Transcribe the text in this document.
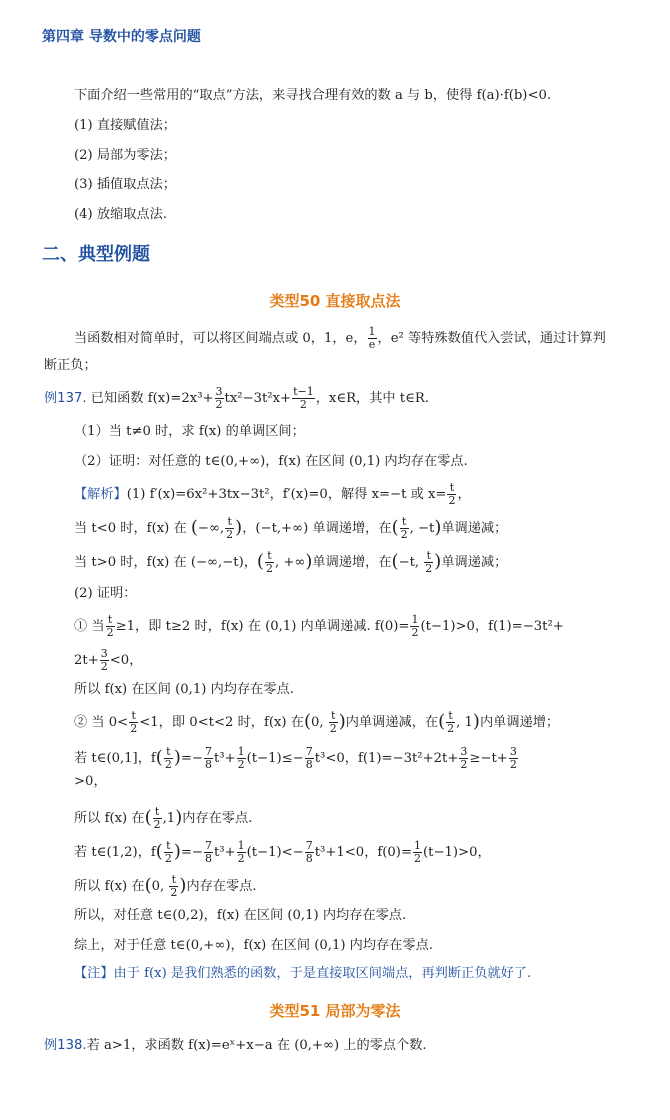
第四章 导数中的零点问题
下面介绍一些常用的“取点”方法，来寻找合理有效的数 a 与 b，使得 f(a)·f(b)<0.
(1) 直接赋值法；
(2) 局部为零法；
(3) 插值取点法；
(4) 放缩取点法.
二、典型例题
类型50 直接取点法
当函数相对简单时，可以将区间端点或 0，1，e， $\frac{1}{e}$ ，e² 等特殊数值代入尝试，通过计算判
断正负；
例137. 已知函数 $f(x)=2x^3+ \frac{3}{2} tx^2-3t^2x+ \frac{t-1}{2}$ ，x∈R，其中 t∈R.
（1）当 t≠0 时，求 f(x) 的单调区间；
（2）证明：对任意的 t∈(0,+∞)，f(x) 在区间 (0,1) 内均存在零点.
【解析】(1) f′(x)=6x²+3tx−3t²，f′(x)=0，解得 x=−t 或 $x= \frac{t}{2}$ ，
当 t<0 时，f(x) 在 (−∞, $\frac{t}{2}$ )，(−t,+∞) 单调递增，在( $\frac{t}{2}$ , −t)单调递减；
当 t>0 时，f(x) 在 (−∞,−t)，( $\frac{t}{2}$ , +∞)单调递增，在(−t, $\frac{t}{2}$ )单调递减；
(2) 证明：
① 当 $\frac{t}{2} \ge 1$，即 t≥2 时，f(x) 在 (0,1) 内单调递减. $f(0)= \frac{1}{2} (t-1)>0$，f(1)=−3t²+
$2t+ \frac{3}{2} <0$，
所以 f(x) 在区间 (0,1) 内均存在零点.
② 当 $0< \frac{t}{2} <1$，即 0<t<2 时，f(x) 在(0, $\frac{t}{2}$ )内单调递减，在( $\frac{t}{2}$ , 1)内单调递增；
若 t∈(0,1]，$f( \frac{t}{2}$ )=− $\frac{7}{8} t^3+ \frac{1}{2} (t-1)\le- \frac{7}{8} t^3<0$，$f(1)=-3t^2+2t+ \frac{3}{2} \ge-t+ \frac{3}{2}$
>0，
所以 f(x) 在( $\frac{t}{2} ,1$)内存在零点.
若 t∈(1,2)，$f( \frac{t}{2}$ )=− $\frac{7}{8} t^3+ \frac{1}{2} (t-1)<- \frac{7}{8} t^3+1<0$，$f(0)= \frac{1}{2} (t-1)>0$，
所以 f(x) 在(0, $\frac{t}{2}$ )内存在零点.
所以，对任意 t∈(0,2)，f(x) 在区间 (0,1) 内均存在零点.
综上，对于任意 t∈(0,+∞)，f(x) 在区间 (0,1) 内均存在零点.
【注】由于 f(x) 是我们熟悉的函数，于是直接取区间端点，再判断正负就好了.
类型51 局部为零法
例138.若 a>1，求函数 f(x)=eˣ+x−a 在 (0,+∞) 上的零点个数.
